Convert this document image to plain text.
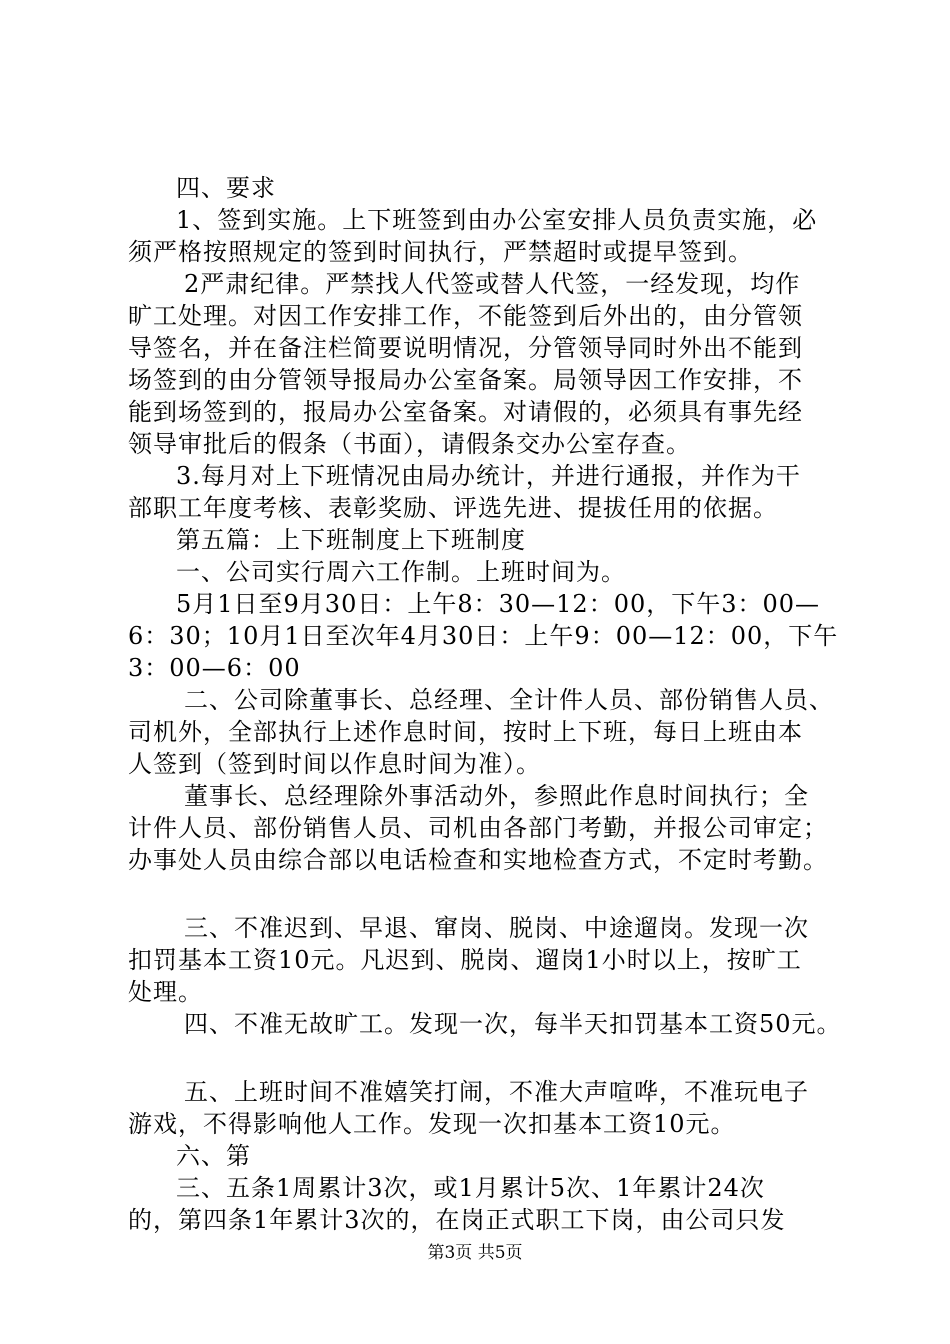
四、要求
1、签到实施。上下班签到由办公室安排人员负责实施，必
须严格按照规定的签到时间执行，严禁超时或提早签到。
2严肃纪律。严禁找人代签或替人代签，一经发现，均作
旷工处理。对因工作安排工作，不能签到后外出的，由分管领
导签名，并在备注栏简要说明情况，分管领导同时外出不能到
场签到的由分管领导报局办公室备案。局领导因工作安排，不
能到场签到的，报局办公室备案。对请假的，必须具有事先经
领导审批后的假条（书面），请假条交办公室存查。
3.每月对上下班情况由局办统计，并进行通报，并作为干
部职工年度考核、表彰奖励、评选先进、提拔任用的依据。
第五篇：上下班制度上下班制度
一、公司实行周六工作制。上班时间为。
5月1日至9月30日：上午8：30—12：00，下午3：00—
6：30；10月1日至次年4月30日：上午9：00—12：00，下午
3：00—6：00
二、公司除董事长、总经理、全计件人员、部份销售人员、
司机外，全部执行上述作息时间，按时上下班，每日上班由本
人签到（签到时间以作息时间为准）。
董事长、总经理除外事活动外，参照此作息时间执行；全
计件人员、部份销售人员、司机由各部门考勤，并报公司审定；
办事处人员由综合部以电话检查和实地检查方式，不定时考勤。
三、不准迟到、早退、窜岗、脱岗、中途遛岗。发现一次
扣罚基本工资10元。凡迟到、脱岗、遛岗1小时以上，按旷工
处理。
四、不准无故旷工。发现一次，每半天扣罚基本工资50元。
五、上班时间不准嬉笑打闹，不准大声喧哗，不准玩电子
游戏，不得影响他人工作。发现一次扣基本工资10元。
六、第
三、五条1周累计3次，或1月累计5次、1年累计24次
的，第四条1年累计3次的，在岗正式职工下岗，由公司只发
第3页 共5页
